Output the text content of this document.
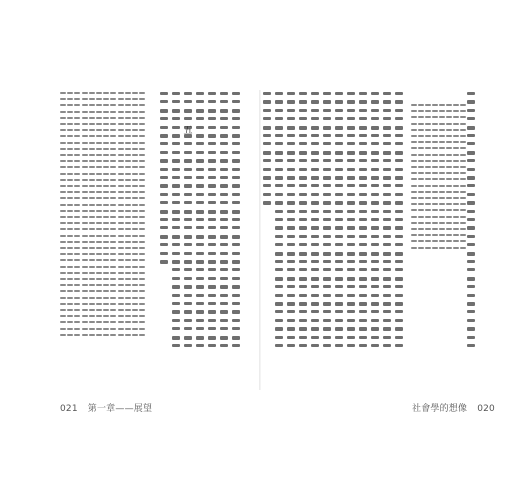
五
021 第一章——展望	社會學的想像 020
